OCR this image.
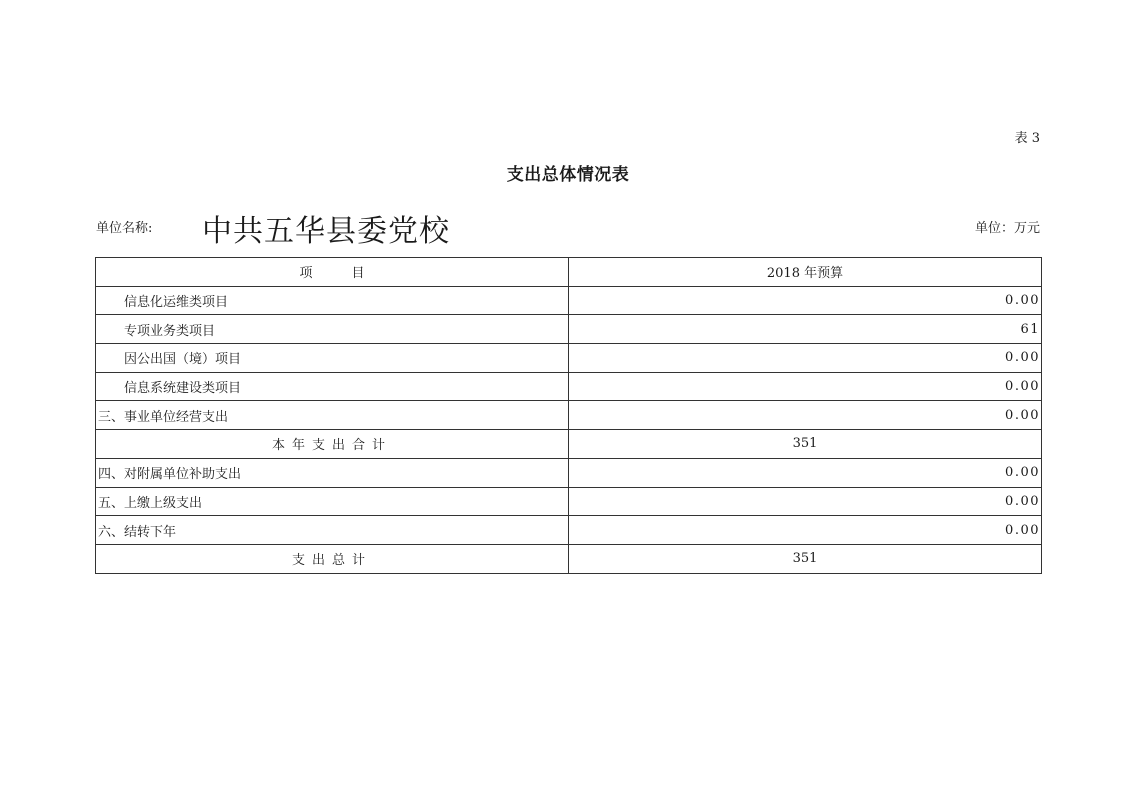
表 3
支出总体情况表
单位名称: 中共五华县委党校	单位：万元
项　　　目	2018 年预算
信息化运维类项目	0.00
专项业务类项目	61
因公出国（境）项目	0.00
信息系统建设类项目	0.00
三、事业单位经营支出	0.00
本年支出合计	351
四、对附属单位补助支出	0.00
五、上缴上级支出	0.00
六、结转下年	0.00
支出总计	351
